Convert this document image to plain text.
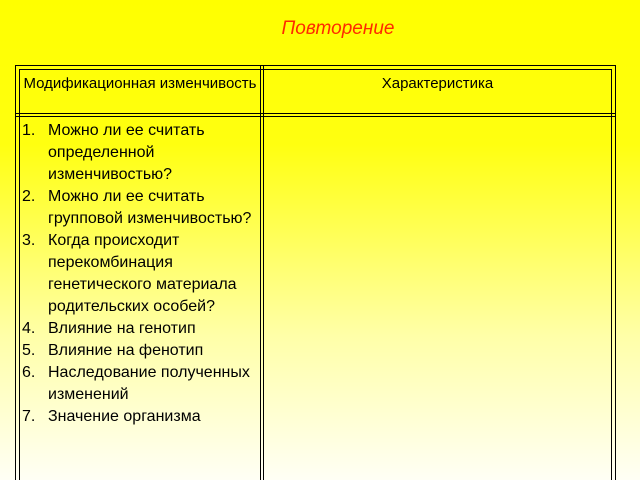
Повторение
Модификационная изменчивость	Характеристика
1. Можно ли ее считать определенной изменчивостью?
2. Можно ли ее считать групповой изменчивостью?
3. Когда происходит перекомбинация генетического материала родительских особей?
4. Влияние на генотип
5. Влияние на фенотип
6. Наследование полученных изменений
7. Значение организма
